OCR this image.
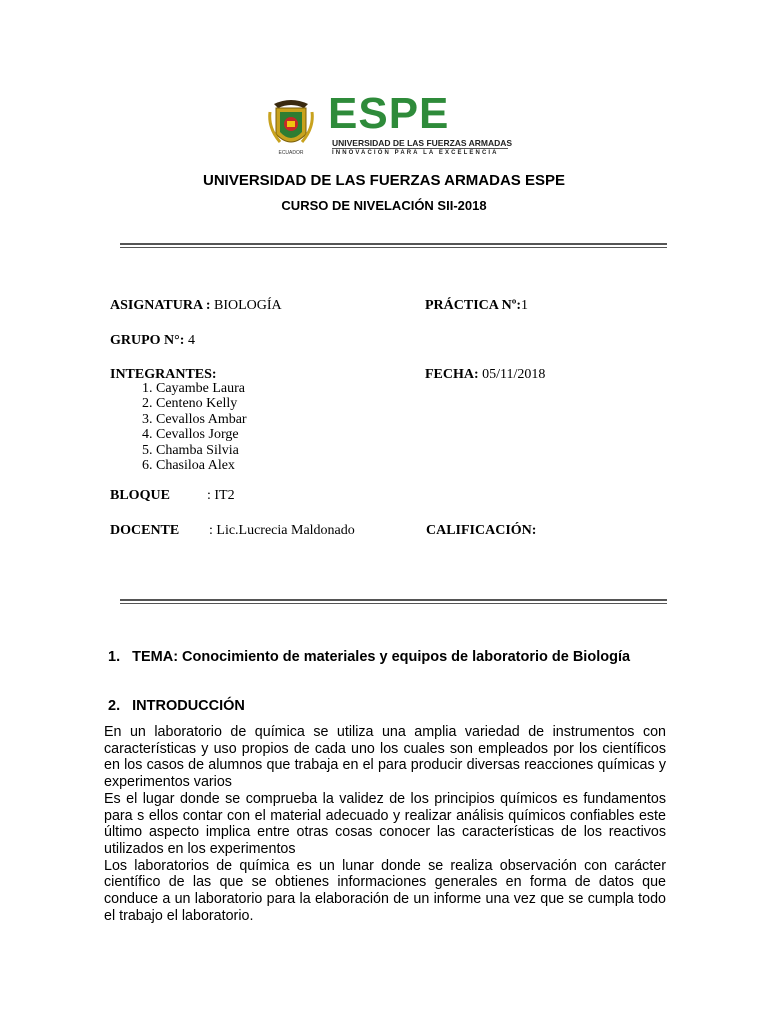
ECUADOR
ESPE
UNIVERSIDAD DE LAS FUERZAS ARMADAS
INNOVACIÓN PARA LA EXCELENCIA
UNIVERSIDAD DE LAS FUERZAS ARMADAS ESPE
CURSO DE NIVELACIÓN SII-2018
ASIGNATURA : BIOLOGÍA	PRÁCTICA Nº:1
GRUPO N°: 4
INTEGRANTES:	FECHA: 05/11/2018
1. Cayambe Laura
2. Centeno Kelly
3. Cevallos Ambar
4. Cevallos Jorge
5. Chamba Silvia
6. Chasiloa Alex
BLOQUE	: IT2
DOCENTE : Lic.Lucrecia Maldonado	CALIFICACIÓN:
1. TEMA: Conocimiento de materiales y equipos de laboratorio de Biología
2. INTRODUCCIÓN

En un laboratorio de química se utiliza una amplia variedad de instrumentos con características y uso propios de cada uno los cuales son empleados por los científicos en los casos de alumnos que trabaja en el para producir diversas reacciones químicas y experimentos varios

Es el lugar donde se comprueba la validez de los principios químicos es fundamentos para s ellos contar con el material adecuado y realizar análisis químicos confiables este último aspecto implica entre otras cosas conocer las características de los reactivos utilizados en los experimentos

Los laboratorios de química es un lunar donde se realiza observación con carácter científico de las que se obtienes informaciones generales en forma de datos que conduce a un laboratorio para la elaboración de un informe una vez que se cumpla todo el trabajo el laboratorio.
